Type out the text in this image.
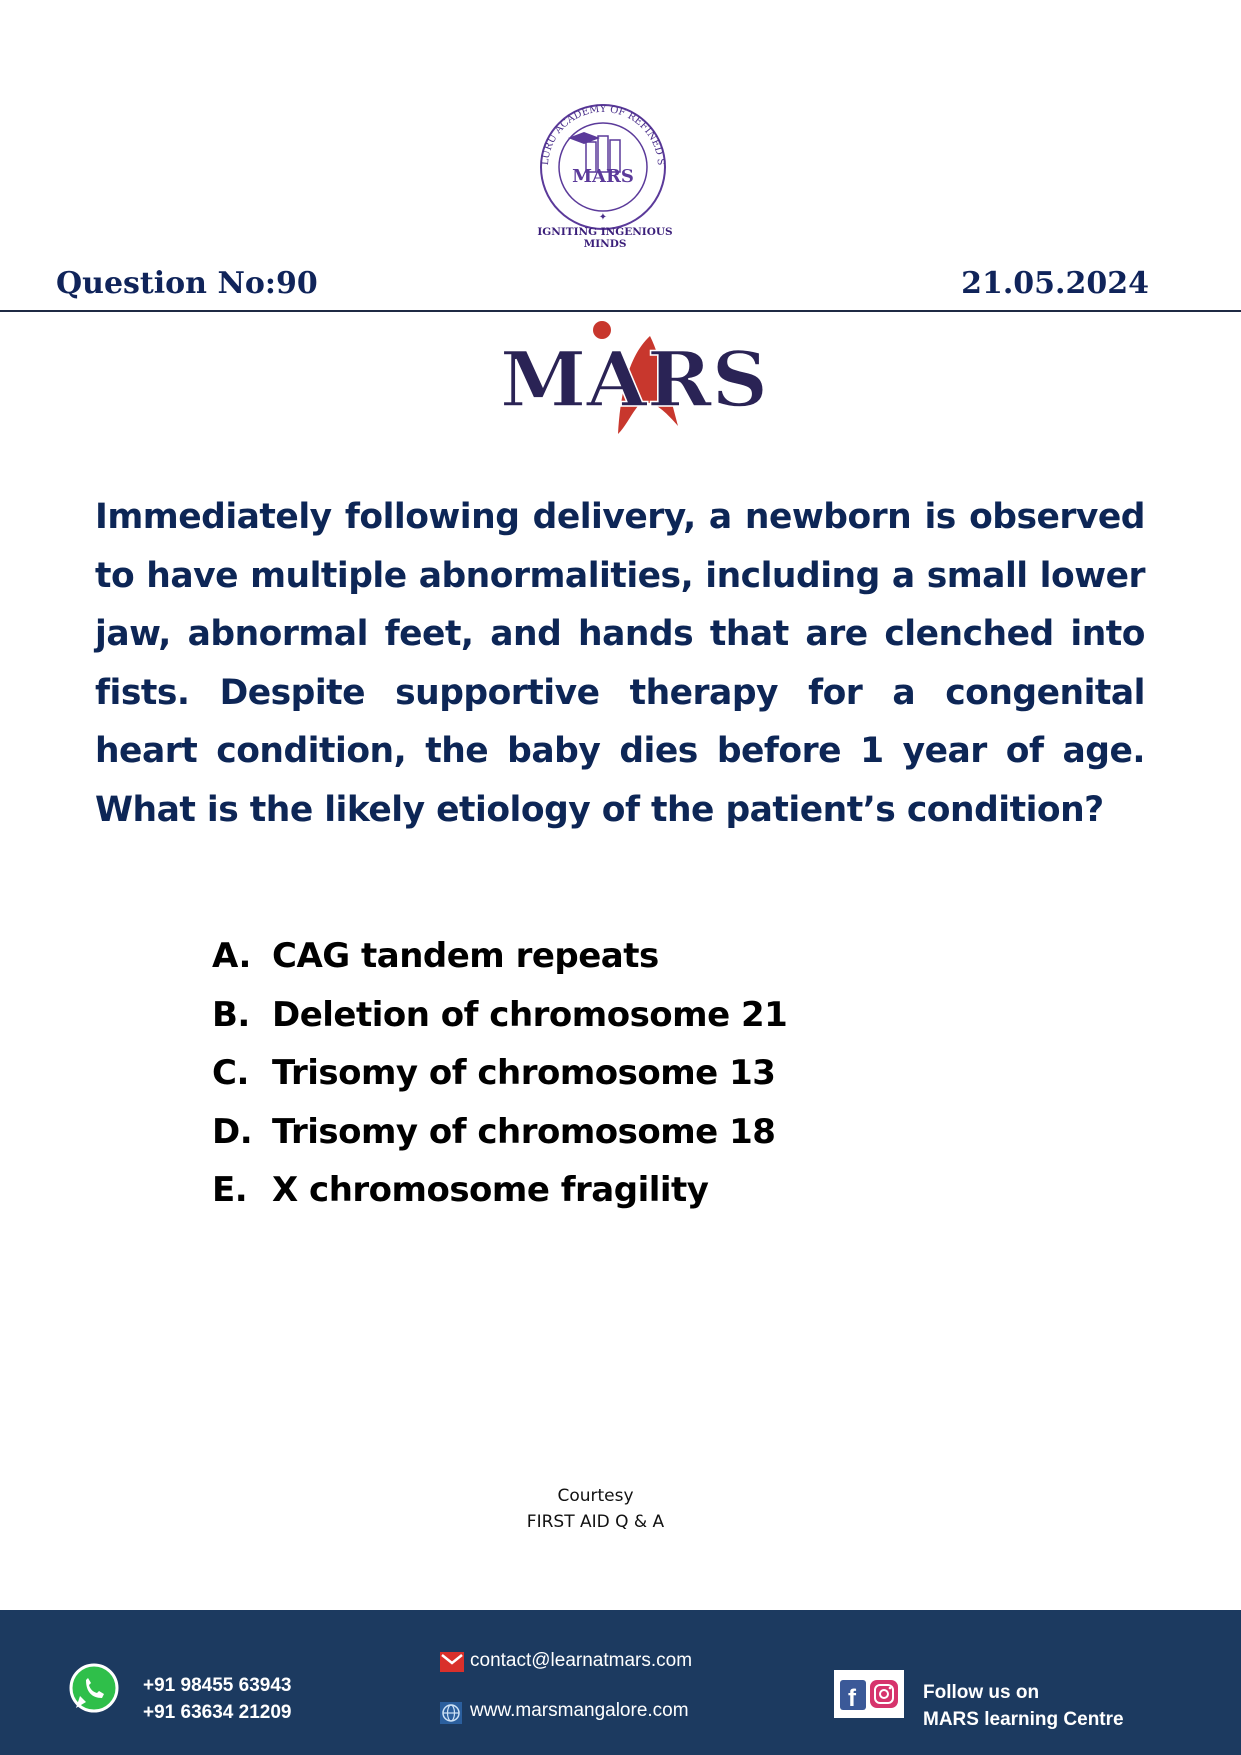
LURU ACADEMY OF REFINED S
MARS
✦
IGNITING INGENIOUS MINDS
Question No:90	21.05.2024
MARS
Immediately following delivery, a newborn is observed to have multiple abnormalities, including a small lower jaw, abnormal feet, and hands that are clenched into fists. Despite supportive therapy for a congenital heart condition, the baby dies before 1 year of age. What is the likely etiology of the patient’s condition?
A. CAG tandem repeats
B. Deletion of chromosome 21
C. Trisomy of chromosome 13
D. Trisomy of chromosome 18
E. X chromosome fragility
Courtesy
FIRST AID Q & A
+91 98455 63943
+91 63634 21209
contact@learnatmars.com
www.marsmangalore.com	f	Follow us on
MARS learning Centre
